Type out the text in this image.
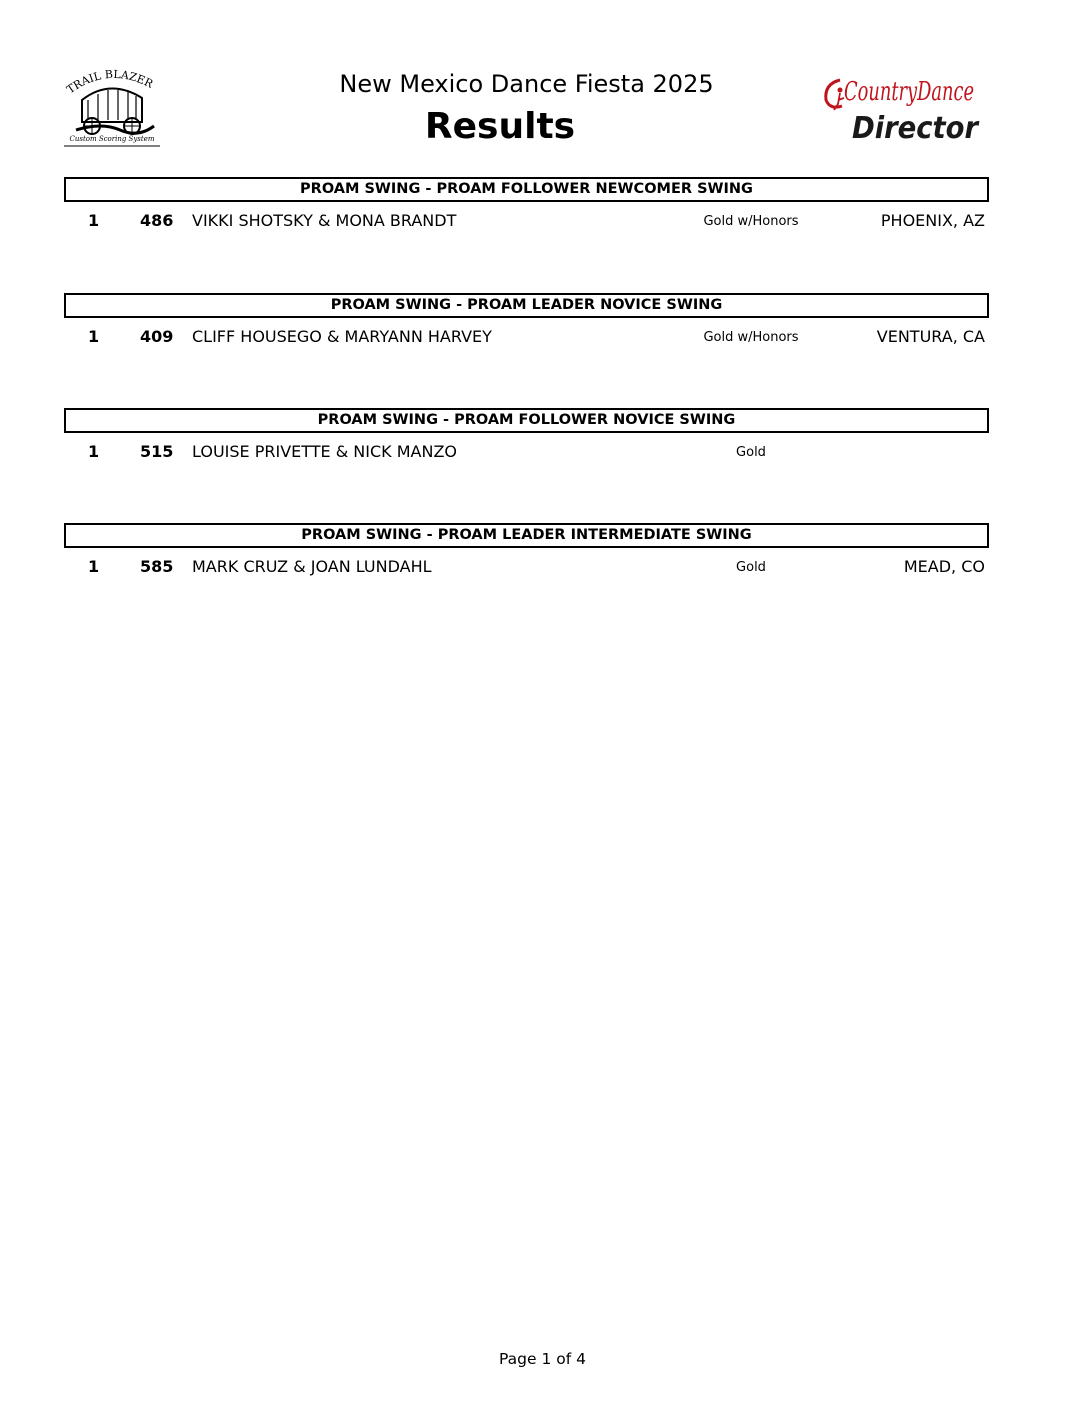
TRAIL BLAZER
Custom Scoring System
New Mexico Dance Fiesta 2025
Results
CountryDance
Director
PROAM SWING - PROAM FOLLOWER NEWCOMER SWING
1	486 VIKKI SHOTSKY & MONA BRANDT	Gold w/Honors	PHOENIX, AZ
PROAM SWING - PROAM LEADER NOVICE SWING
1	409 CLIFF HOUSEGO & MARYANN HARVEY	Gold w/Honors	VENTURA, CA
PROAM SWING - PROAM FOLLOWER NOVICE SWING
1	515 LOUISE PRIVETTE & NICK MANZO	Gold
PROAM SWING - PROAM LEADER INTERMEDIATE SWING
1	585 MARK CRUZ & JOAN LUNDAHL	Gold	MEAD, CO
Page 1 of 4
